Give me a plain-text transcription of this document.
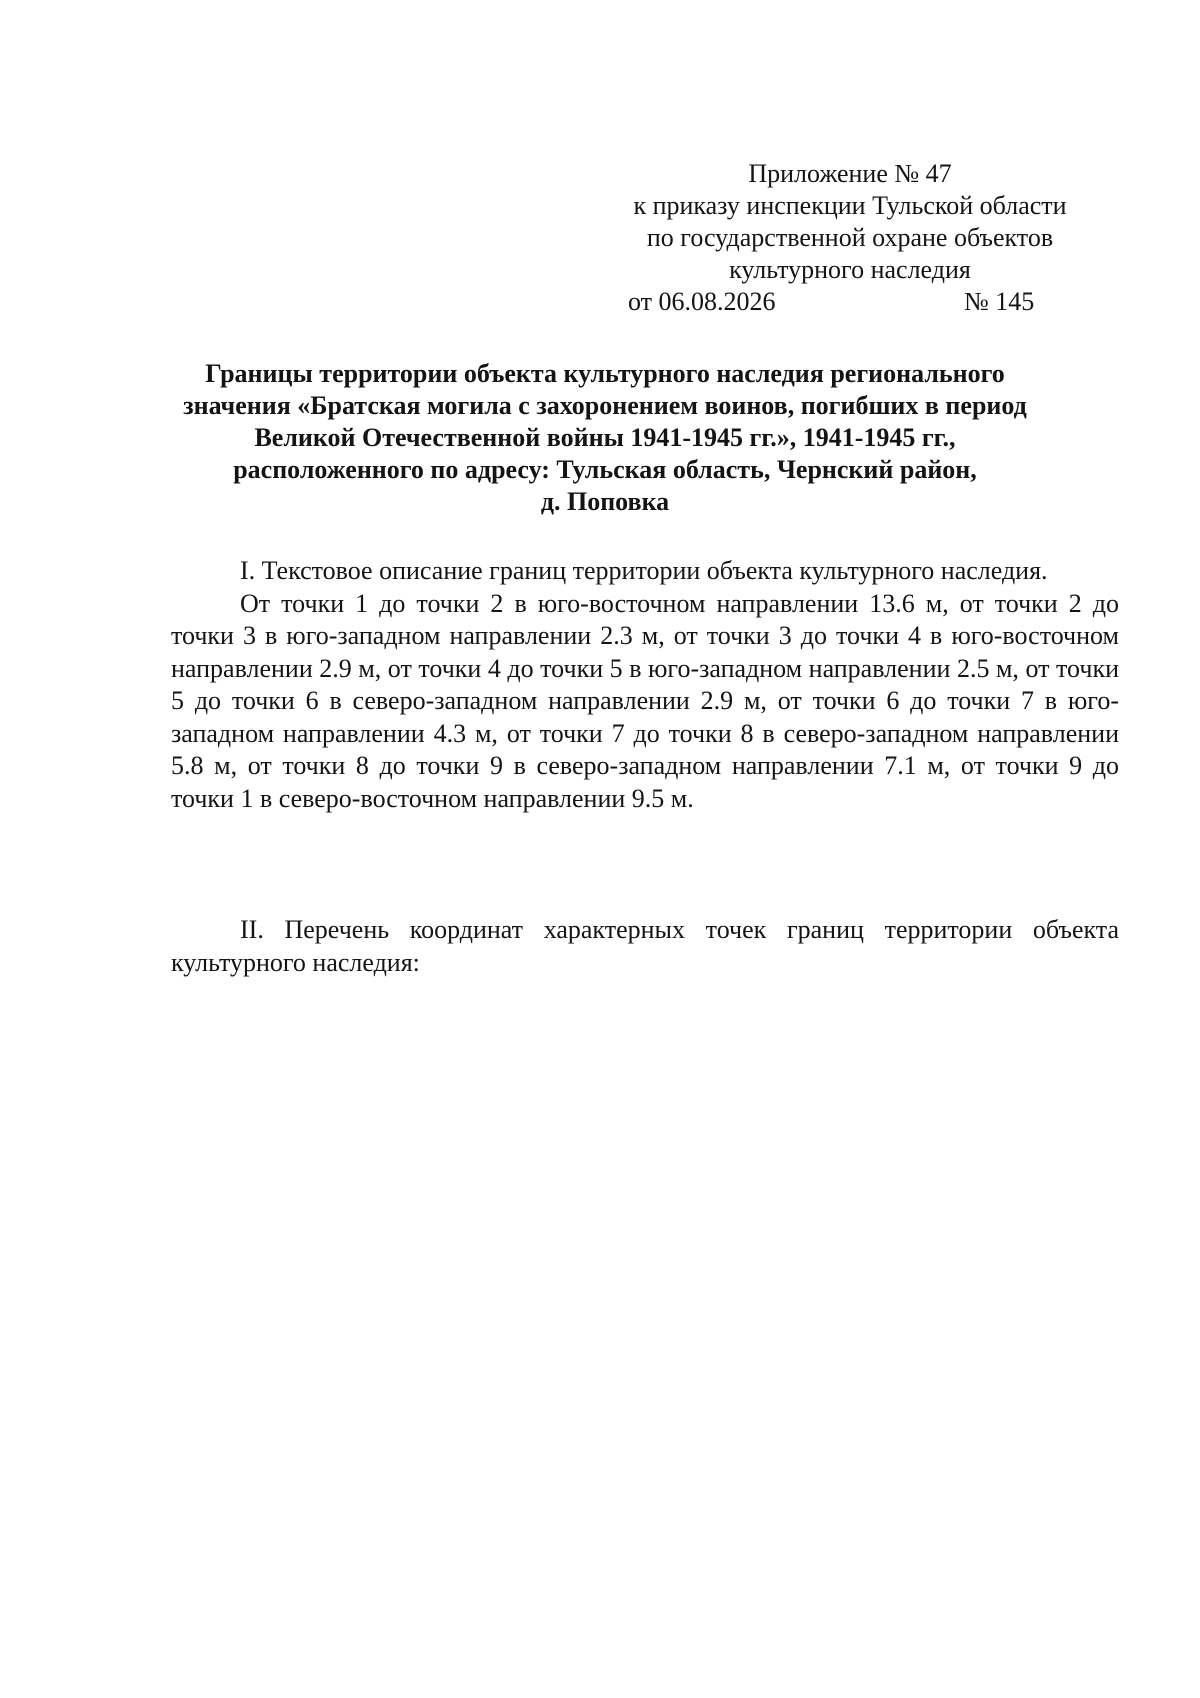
Приложение № 47
к приказу инспекции Тульской области
по государственной охране объектов
культурного наследия
от 06.08.2026	№ 145
Границы территории объекта культурного наследия регионального
значения «Братская могила с захоронением воинов, погибших в период
Великой Отечественной войны 1941-1945 гг.», 1941-1945 гг.,
расположенного по адресу: Тульская область, Чернский район,
д. Поповка

I. Текстовое описание границ территории объекта культурного наследия.

От точки 1 до точки 2 в юго-восточном направлении 13.6 м, от точки 2 до точки 3 в юго-западном направлении 2.3 м, от точки 3 до точки 4 в юго-восточном направлении 2.9 м, от точки 4 до точки 5 в юго-западном направлении 2.5 м, от точки 5 до точки 6 в северо-западном направлении 2.9 м, от точки 6 до точки 7 в юго-западном направлении 4.3 м, от точки 7 до точки 8 в северо-западном направлении 5.8 м, от точки 8 до точки 9 в северо-западном направлении 7.1 м, от точки 9 до точки 1 в северо-восточном направлении 9.5 м.

II. Перечень координат характерных точек границ территории объекта культурного наследия:
